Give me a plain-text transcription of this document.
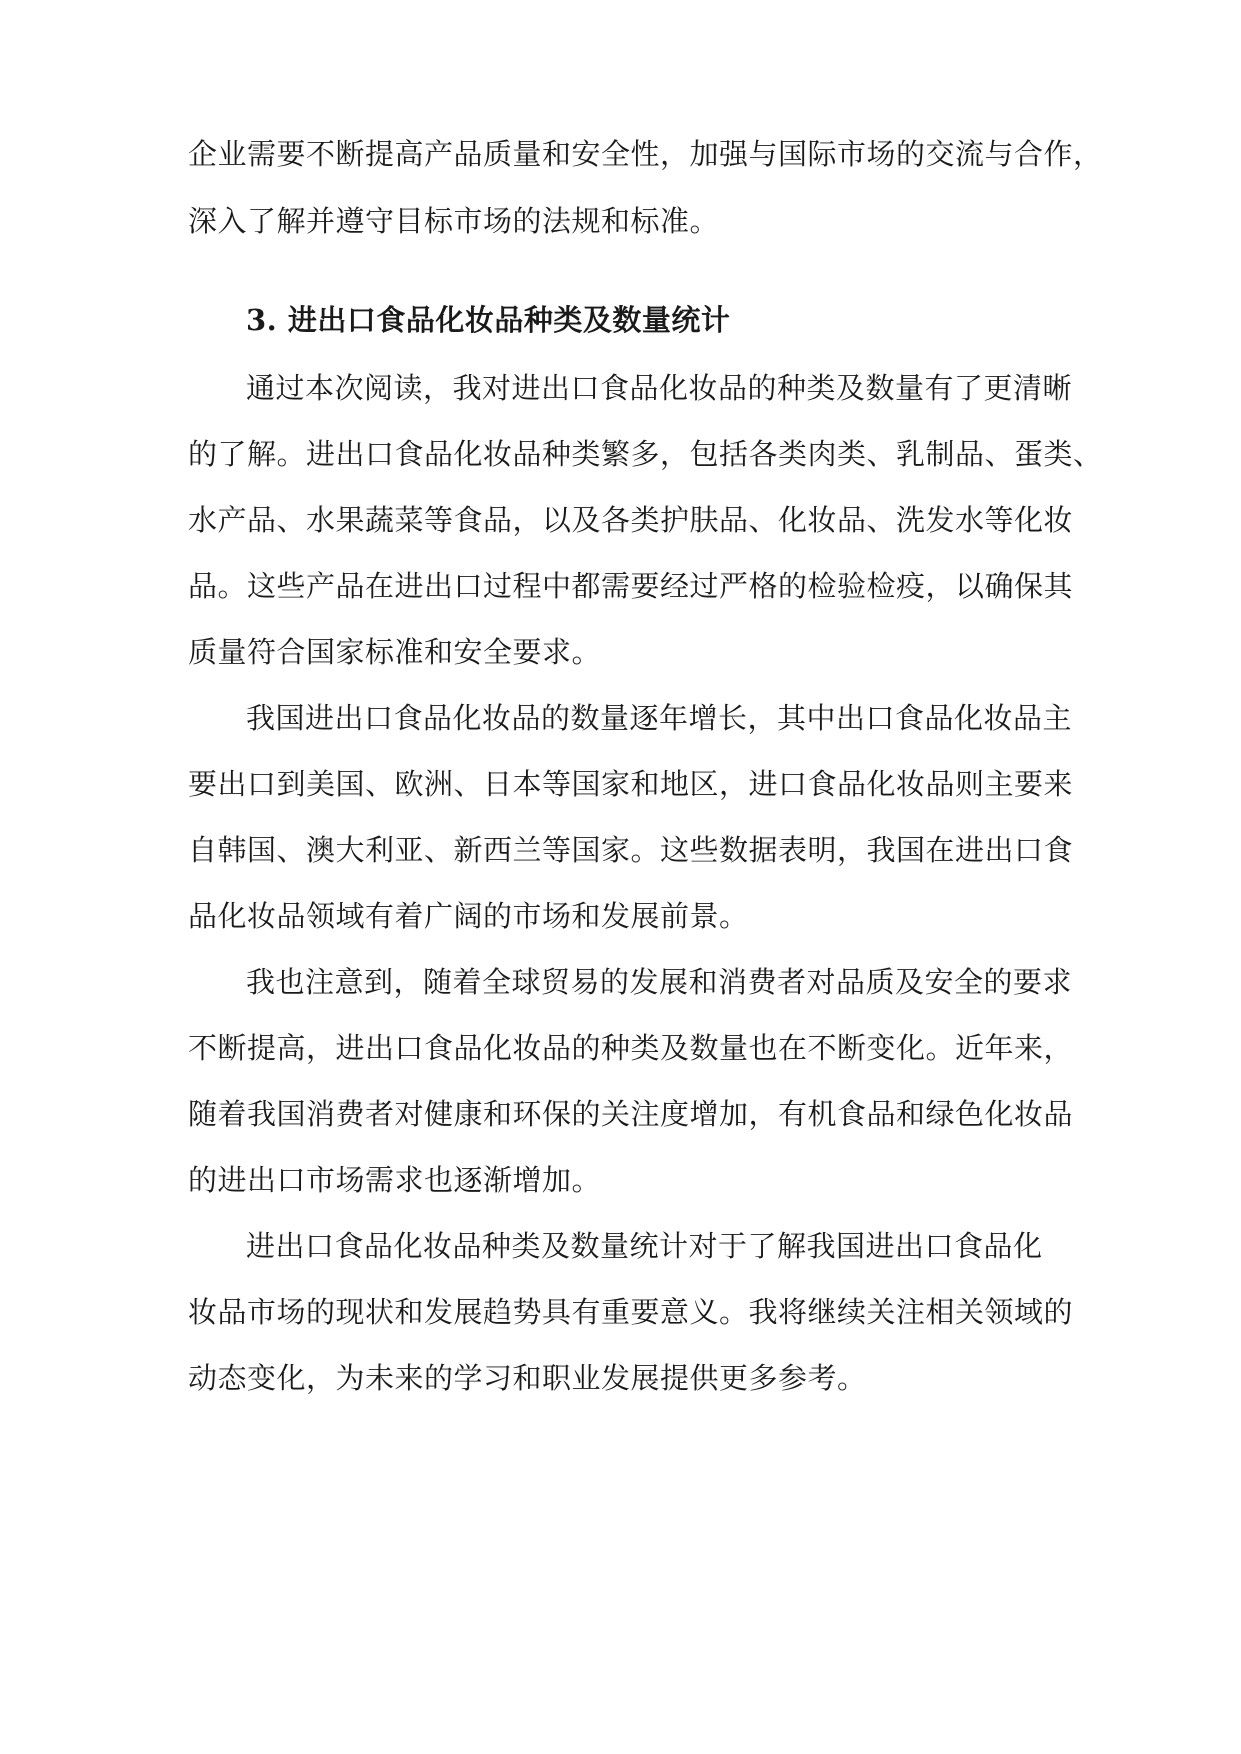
企业需要不断提高产品质量和安全性，加强与国际市场的交流与合作，
深入了解并遵守目标市场的法规和标准。
3. 进出口食品化妆品种类及数量统计
通过本次阅读，我对进出口食品化妆品的种类及数量有了更清晰
的了解。进出口食品化妆品种类繁多，包括各类肉类、乳制品、蛋类、
水产品、水果蔬菜等食品，以及各类护肤品、化妆品、洗发水等化妆
品。这些产品在进出口过程中都需要经过严格的检验检疫，以确保其
质量符合国家标准和安全要求。
我国进出口食品化妆品的数量逐年增长，其中出口食品化妆品主
要出口到美国、欧洲、日本等国家和地区，进口食品化妆品则主要来
自韩国、澳大利亚、新西兰等国家。这些数据表明，我国在进出口食
品化妆品领域有着广阔的市场和发展前景。
我也注意到，随着全球贸易的发展和消费者对品质及安全的要求
不断提高，进出口食品化妆品的种类及数量也在不断变化。近年来，
随着我国消费者对健康和环保的关注度增加，有机食品和绿色化妆品
的进出口市场需求也逐渐增加。
进出口食品化妆品种类及数量统计对于了解我国进出口食品化
妆品市场的现状和发展趋势具有重要意义。我将继续关注相关领域的
动态变化，为未来的学习和职业发展提供更多参考。
